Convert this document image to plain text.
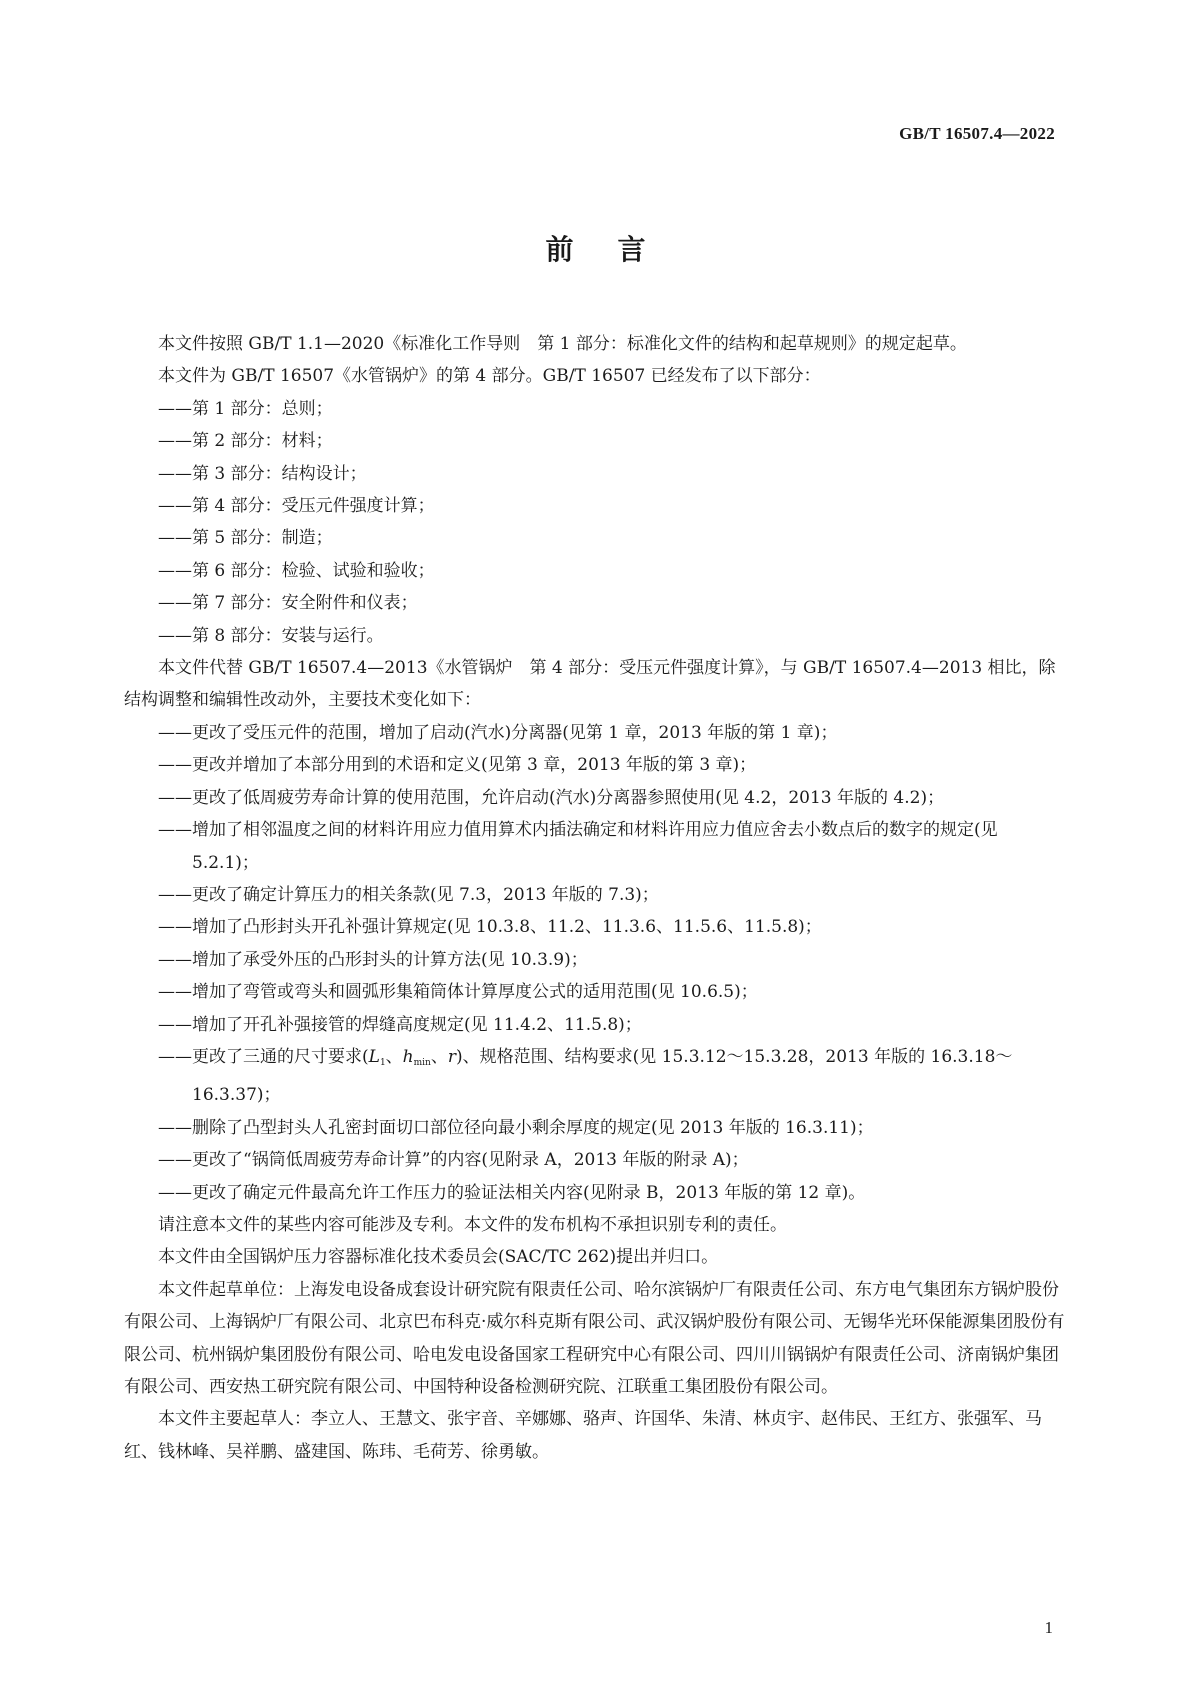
GB/T 16507.4—2022
前言

本文件按照 GB/T 1.1—2020《标准化工作导则　第 1 部分：标准化文件的结构和起草规则》的规定起草。

本文件为 GB/T 16507《水管锅炉》的第 4 部分。GB/T 16507 已经发布了以下部分：

——第 1 部分：总则；

——第 2 部分：材料；

——第 3 部分：结构设计；

——第 4 部分：受压元件强度计算；

——第 5 部分：制造；

——第 6 部分：检验、试验和验收；

——第 7 部分：安全附件和仪表；

——第 8 部分：安装与运行。

本文件代替 GB/T 16507.4—2013《水管锅炉　第 4 部分：受压元件强度计算》，与 GB/T 16507.4—2013 相比，除结构调整和编辑性改动外，主要技术变化如下：

——更改了受压元件的范围，增加了启动(汽水)分离器(见第 1 章，2013 年版的第 1 章)；

——更改并增加了本部分用到的术语和定义(见第 3 章，2013 年版的第 3 章)；

——更改了低周疲劳寿命计算的使用范围，允许启动(汽水)分离器参照使用(见 4.2，2013 年版的 4.2)；

——增加了相邻温度之间的材料许用应力值用算术内插法确定和材料许用应力值应舍去小数点后的数字的规定(见 5.2.1)；

——更改了确定计算压力的相关条款(见 7.3，2013 年版的 7.3)；

——增加了凸形封头开孔补强计算规定(见 10.3.8、11.2、11.3.6、11.5.6、11.5.8)；

——增加了承受外压的凸形封头的计算方法(见 10.3.9)；

——增加了弯管或弯头和圆弧形集箱筒体计算厚度公式的适用范围(见 10.6.5)；

——增加了开孔补强接管的焊缝高度规定(见 11.4.2、11.5.8)；

——更改了三通的尺寸要求($L_1$、$h_{min}$、r)、规格范围、结构要求(见 15.3.12～15.3.28，2013 年版的 16.3.18～16.3.37)；

——删除了凸型封头人孔密封面切口部位径向最小剩余厚度的规定(见 2013 年版的 16.3.11)；

——更改了“锅筒低周疲劳寿命计算”的内容(见附录 A，2013 年版的附录 A)；

——更改了确定元件最高允许工作压力的验证法相关内容(见附录 B，2013 年版的第 12 章)。

请注意本文件的某些内容可能涉及专利。本文件的发布机构不承担识别专利的责任。

本文件由全国锅炉压力容器标准化技术委员会(SAC/TC 262)提出并归口。

本文件起草单位：上海发电设备成套设计研究院有限责任公司、哈尔滨锅炉厂有限责任公司、东方电气集团东方锅炉股份有限公司、上海锅炉厂有限公司、北京巴布科克·威尔科克斯有限公司、武汉锅炉股份有限公司、无锡华光环保能源集团股份有限公司、杭州锅炉集团股份有限公司、哈电发电设备国家工程研究中心有限公司、四川川锅锅炉有限责任公司、济南锅炉集团有限公司、西安热工研究院有限公司、中国特种设备检测研究院、江联重工集团股份有限公司。

本文件主要起草人：李立人、王慧文、张宇音、辛娜娜、骆声、许国华、朱清、林贞宇、赵伟民、王红方、张强军、马红、钱林峰、吴祥鹏、盛建国、陈玮、毛荷芳、徐勇敏。

1
